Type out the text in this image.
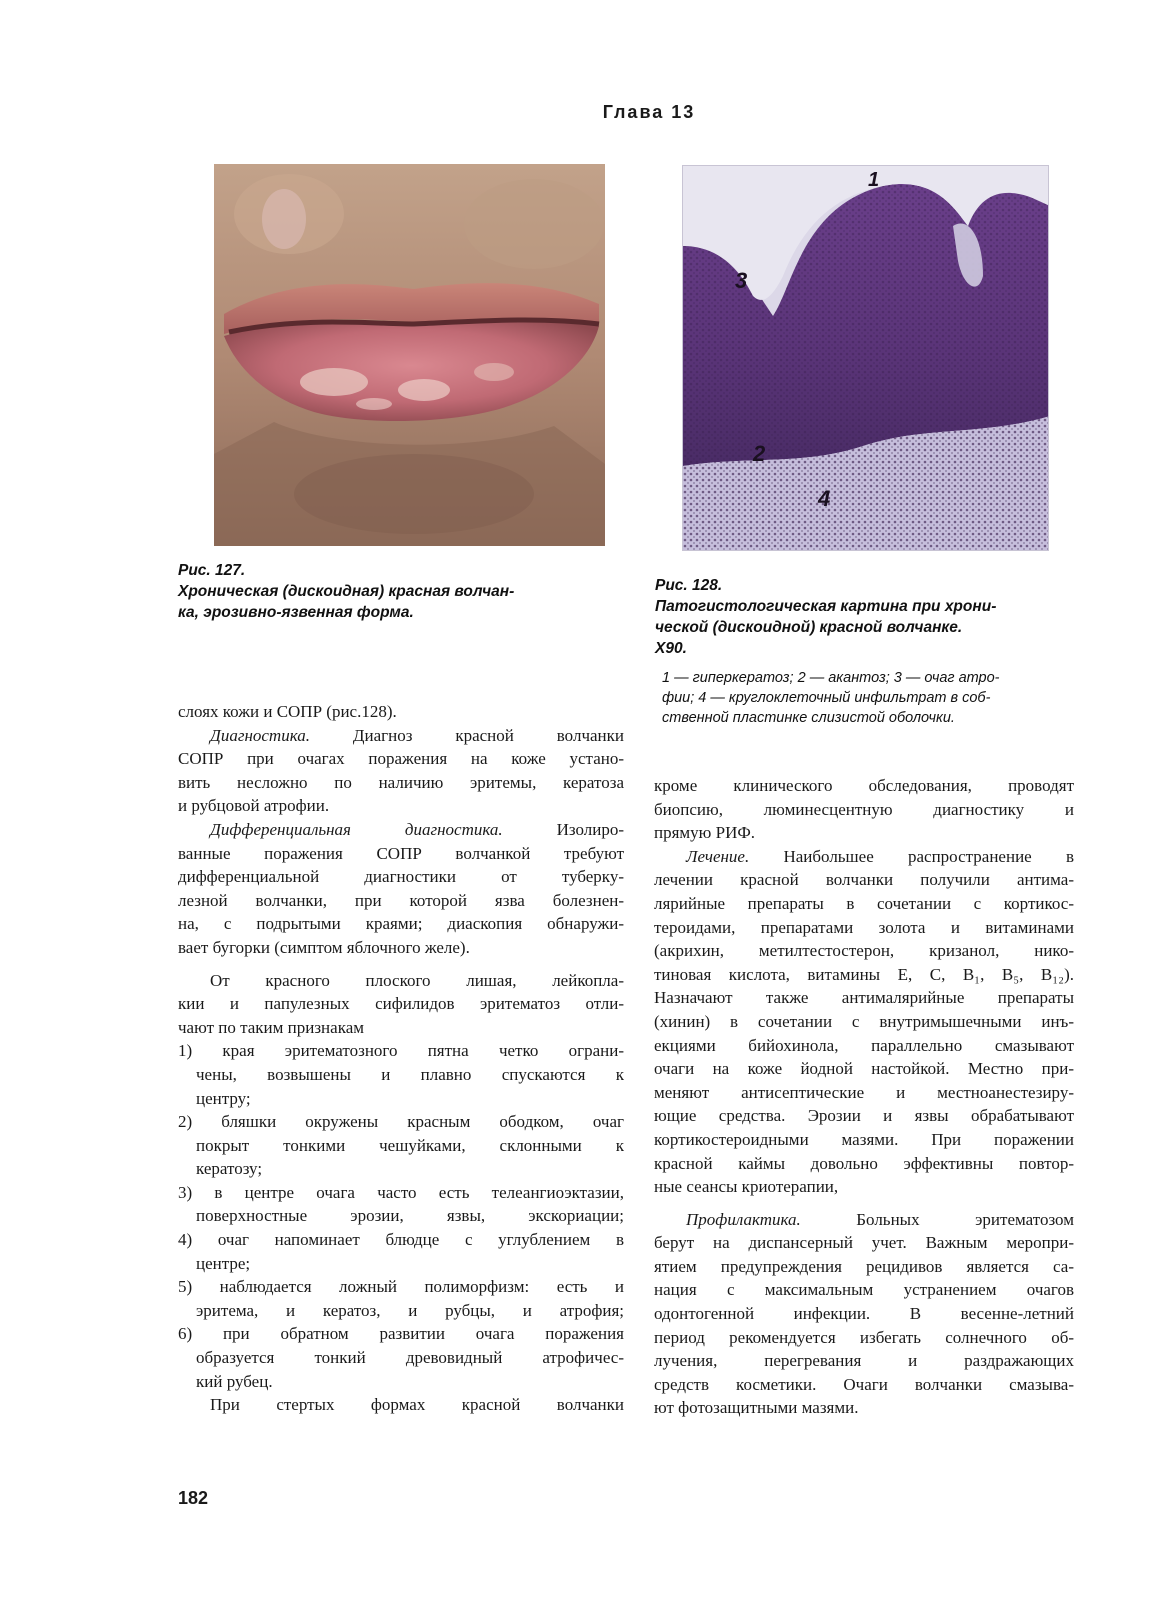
Глава 13
Рис. 127.
Хроническая (дискоидная) красная волчан-
ка, эрозивно-язвенная форма.
1
3
2
4
Рис. 128.
Патогистологическая картина при хрони-
ческой (дискоидной) красной волчанке.
X90.
1 — гиперкератоз; 2 — акантоз; 3 — очаг атро-
фии; 4 — круглоклеточный инфильтрат в соб-
ственной пластинке слизистой оболочки.

слоях кожи и СОПР (рис.128).

Диагностика. Диагноз красной волчанки

СОПР при очагах поражения на коже устано-

вить несложно по наличию эритемы, кератоза

и рубцовой атрофии.

Дифференциальная диагностика. Изолиро-

ванные поражения СОПР волчанкой требуют

дифференциальной диагностики от туберку-

лезной волчанки, при которой язва болезнен-

на, с подрытыми краями; диаскопия обнаружи-

вает бугорки (симптом яблочного желе).

От красного плоского лишая, лейкопла-

кии и папулезных сифилидов эритематоз отли-

чают по таким признакам

1) края эритематозного пятна четко ограни-

чены, возвышены и плавно спускаются к

центру;

2) бляшки окружены красным ободком, очаг

покрыт тонкими чешуйками, склонными к

кератозу;

3) в центре очага часто есть телеангиоэктазии,

поверхностные эрозии, язвы, экскориации;

4) очаг напоминает блюдце с углублением в

центре;

5) наблюдается ложный полиморфизм: есть и

эритема, и кератоз, и рубцы, и атрофия;

6) при обратном развитии очага поражения

образуется тонкий древовидный атрофичес-

кий рубец.

При стертых формах красной волчанки

кроме клинического обследования, проводят

биопсию, люминесцентную диагностику и

прямую РИФ.

Лечение. Наибольшее распространение в

лечении красной волчанки получили антима-

лярийные препараты в сочетании с кортикос-

тероидами, препаратами золота и витаминами

(акрихин, метилтестостерон, кризанол, нико-

тиновая кислота, витамины Е, С, B₁, B₅, B₁₂).

Назначают также антималярийные препараты

(хинин) в сочетании с внутримышечными инъ-

екциями бийохинола, параллельно смазывают

очаги на коже йодной настойкой. Местно при-

меняют антисептические и местноанестезиру-

ющие средства. Эрозии и язвы обрабатывают

кортикостероидными мазями. При поражении

красной каймы довольно эффективны повтор-

ные сеансы криотерапии,

Профилактика. Больных эритематозом

берут на диспансерный учет. Важным меропри-

ятием предупреждения рецидивов является са-

нация с максимальным устранением очагов

одонтогенной инфекции. В весенне-летний

период рекомендуется избегать солнечного об-

лучения, перегревания и раздражающих

средств косметики. Очаги волчанки смазыва-

ют фотозащитными мазями.

182
